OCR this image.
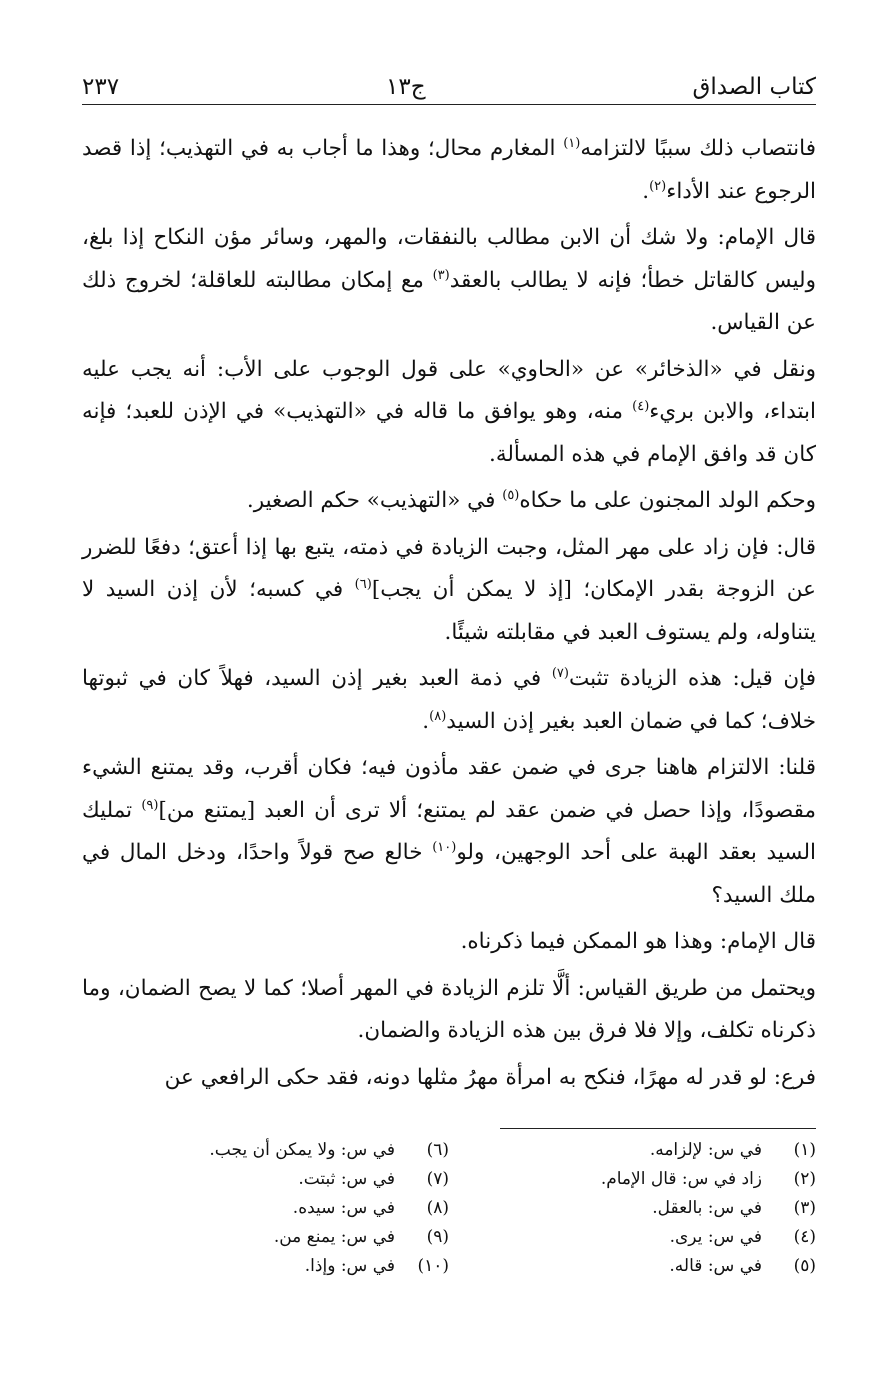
كتاب الصداق
ج١٣
٢٣٧

فانتصاب ذلك سببًا لالتزامه$^{(١)}$ المغارم محال؛ وهذا ما أجاب به في التهذيب؛ إذا قصد الرجوع عند الأداء$^{(٢)}$.

قال الإمام: ولا شك أن الابن مطالب بالنفقات، والمهر، وسائر مؤن النكاح إذا بلغ، وليس كالقاتل خطأ؛ فإنه لا يطالب بالعقد$^{(٣)}$ مع إمكان مطالبته للعاقلة؛ لخروج ذلك عن القياس.

ونقل في «الذخائر» عن «الحاوي» على قول الوجوب على الأب: أنه يجب عليه ابتداء، والابن بريء$^{(٤)}$ منه، وهو يوافق ما قاله في «التهذيب» في الإذن للعبد؛ فإنه كان قد وافق الإمام في هذه المسألة.

وحكم الولد المجنون على ما حكاه$^{(٥)}$ في «التهذيب» حكم الصغير.

قال: فإن زاد على مهر المثل، وجبت الزيادة في ذمته، يتبع بها إذا أعتق؛ دفعًا للضرر عن الزوجة بقدر الإمكان؛ [إذ لا يمكن أن يجب]$^{(٦)}$ في كسبه؛ لأن إذن السيد لا يتناوله، ولم يستوف العبد في مقابلته شيئًا.

فإن قيل: هذه الزيادة تثبت$^{(٧)}$ في ذمة العبد بغير إذن السيد، فهلاً كان في ثبوتها خلاف؛ كما في ضمان العبد بغير إذن السيد$^{(٨)}$.

قلنا: الالتزام هاهنا جرى في ضمن عقد مأذون فيه؛ فكان أقرب، وقد يمتنع الشيء مقصودًا، وإذا حصل في ضمن عقد لم يمتنع؛ ألا ترى أن العبد [يمتنع من]$^{(٩)}$ تمليك السيد بعقد الهبة على أحد الوجهين، ولو$^{(١٠)}$ خالع صح قولاً واحدًا، ودخل المال في ملك السيد؟

قال الإمام: وهذا هو الممكن فيما ذكرناه.

ويحتمل من طريق القياس: ألَّا تلزم الزيادة في المهر أصلا؛ كما لا يصح الضمان، وما ذكرناه تكلف، وإلا فلا فرق بين هذه الزيادة والضمان.

فرع: لو قدر له مهرًا، فنكح به امرأة مهرُ مثلها دونه، فقد حكى الرافعي عن

(١)
في س: لإلزامه.
(٢)
زاد في س: قال الإمام.
(٣)
في س: بالعقل.
(٤)
في س: يرى.
(٥)
في س: قاله.
(٦)
في س: ولا يمكن أن يجب.
(٧)
في س: ثبتت.
(٨)
في س: سيده.
(٩)
في س: يمنع من.
(١٠)
في س: وإذا.
